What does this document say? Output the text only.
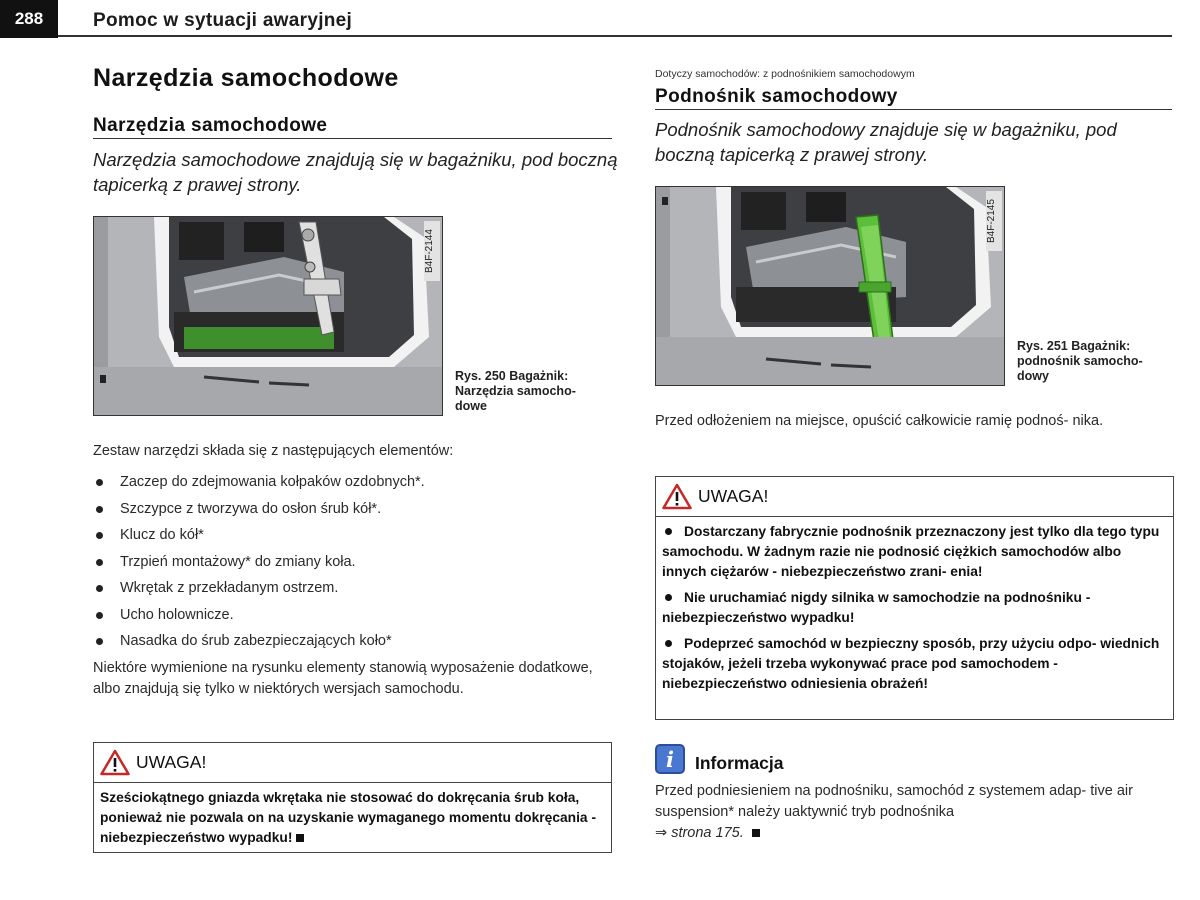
288	Pomoc w sytuacji awaryjnej
Narzędzia samochodowe
Narzędzia samochodowe
Narzędzia samochodowe znajdują się w bagażniku, pod boczną tapicerką z prawej strony.
B4F-2144
Rys. 250 Bagażnik:
Narzędzia samocho- dowe
Zestaw narzędzi składa się z następujących elementów:
Zaczep do zdejmowania kołpaków ozdobnych*.
Szczypce z tworzywa do osłon śrub kół*.
Klucz do kół*
Trzpień montażowy* do zmiany koła.
Wkrętak z przekładanym ostrzem.
Ucho holownicze.
Nasadka do śrub zabezpieczających koło*
Niektóre wymienione na rysunku elementy stanowią wyposażenie dodatkowe, albo znajdują się tylko w niektórych wersjach samochodu.
UWAGA!

Sześciokątnego gniazda wkrętaka nie stosować do dokręcania śrub koła, ponieważ nie pozwala on na uzyskanie wymaganego momentu dokręcania - niebezpieczeństwo wypadku!

Dotyczy samochodów: z podnośnikiem samochodowym
Podnośnik samochodowy
Podnośnik samochodowy znajduje się w bagażniku, pod boczną tapicerką z prawej strony.
B4F-2145
Rys. 251 Bagażnik:
podnośnik samocho- dowy
Przed odłożeniem na miejsce, opuścić całkowicie ramię podnoś- nika.
UWAGA!

Dostarczany fabrycznie podnośnik przeznaczony jest tylko dla tego typu samochodu. W żadnym razie nie podnosić ciężkich samochodów albo innych ciężarów - niebezpieczeństwo zrani- enia!

Nie uruchamiać nigdy silnika w samochodzie na podnośniku - niebezpieczeństwo wypadku!

Podeprzeć samochód w bezpieczny sposób, przy użyciu odpo- wiednich stojaków, jeżeli trzeba wykonywać prace pod samochodem - niebezpieczeństwo odniesienia obrażeń!

i	Informacja
Przed podniesieniem na podnośniku, samochód z systemem adap- tive air suspension* należy uaktywnić tryb podnośnika
⇒ strona 175.
